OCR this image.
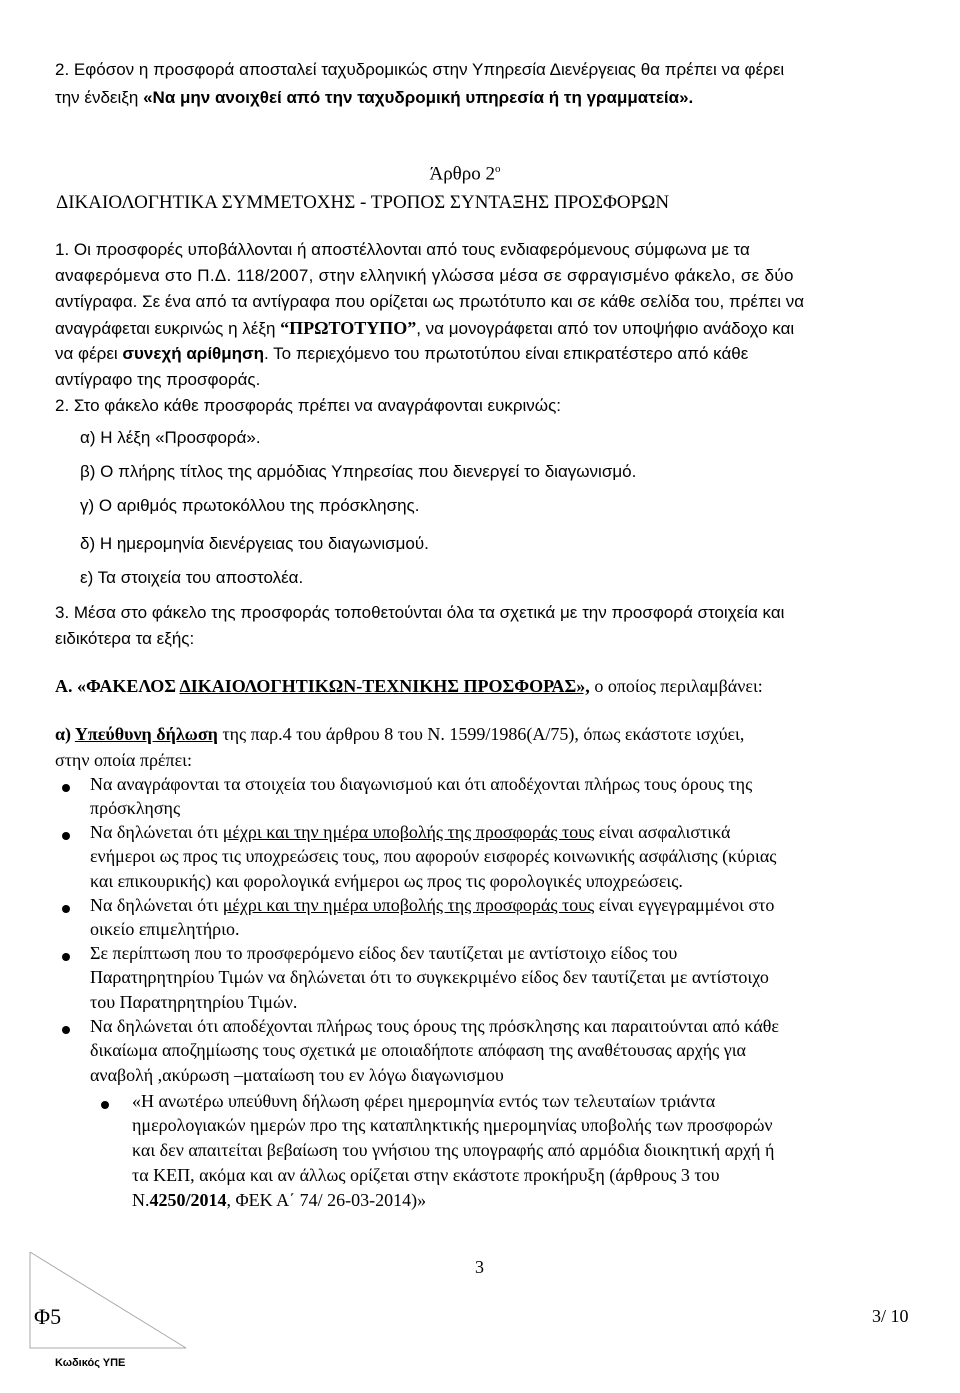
2. Εφόσον η προσφορά αποσταλεί ταχυδρομικώς στην Υπηρεσία Διενέργειας θα πρέπει να φέρει
την ένδειξη «Να μην ανοιχθεί από την ταχυδρομική υπηρεσία ή τη γραμματεία».
Άρθρο $2^o$
ΔΙΚΑΙΟΛΟΓΗΤΙΚΑ ΣΥΜΜΕΤΟΧΗΣ - ΤΡΟΠΟΣ ΣΥΝΤΑΞΗΣ ΠΡΟΣΦΟΡΩΝ
1. Οι προσφορές υποβάλλονται ή αποστέλλονται από τους ενδιαφερόμενους σύμφωνα με τα
αναφερόμενα στο Π.Δ. 118/2007, στην ελληνική γλώσσα μέσα σε σφραγισμένο φάκελο, σε δύο
αντίγραφα. Σε ένα από τα αντίγραφα που ορίζεται ως πρωτότυπο και σε κάθε σελίδα του, πρέπει να
αναγράφεται ευκρινώς η λέξη “ΠΡΩΤΟΤΥΠΟ”, να μονογράφεται από τον υποψήφιο ανάδοχο και
να φέρει συνεχή αρίθμηση. Το περιεχόμενο του πρωτοτύπου είναι επικρατέστερο από κάθε
αντίγραφο της προσφοράς.
2. Στο φάκελο κάθε προσφοράς πρέπει να αναγράφονται ευκρινώς:
α) Η λέξη «Προσφορά».
β) Ο πλήρης τίτλος της αρμόδιας Υπηρεσίας που διενεργεί το διαγωνισμό.
γ) Ο αριθμός πρωτοκόλλου της πρόσκλησης.
δ) Η ημερομηνία διενέργειας του διαγωνισμού.
ε) Τα στοιχεία του αποστολέα.
3. Μέσα στο φάκελο της προσφοράς τοποθετούνται όλα τα σχετικά με την προσφορά στοιχεία και
ειδικότερα τα εξής:
Α. «ΦΑΚΕΛΟΣ ΔΙΚΑΙΟΛΟΓΗΤΙΚΩΝ-ΤΕΧΝΙΚΗΣ ΠΡΟΣΦΟΡΑΣ», ο οποίος περιλαμβάνει:
α) Υπεύθυνη δήλωση της παρ.4 του άρθρου 8 του Ν. 1599/1986(Α/75), όπως εκάστοτε ισχύει,
στην οποία πρέπει:
Να αναγράφονται τα στοιχεία του διαγωνισμού και ότι αποδέχονται πλήρως τους όρους της
πρόσκλησης
Να δηλώνεται ότι μέχρι και την ημέρα υποβολής της προσφοράς τους είναι ασφαλιστικά
ενήμεροι ως προς τις υποχρεώσεις τους, που αφορούν εισφορές κοινωνικής ασφάλισης (κύριας
και επικουρικής) και φορολογικά ενήμεροι ως προς τις φορολογικές υποχρεώσεις.
Να δηλώνεται ότι μέχρι και την ημέρα υποβολής της προσφοράς τους είναι εγγεγραμμένοι στο
οικείο επιμελητήριο.
Σε περίπτωση που το προσφερόμενο είδος δεν ταυτίζεται με αντίστοιχο είδος του
Παρατηρητηρίου Τιμών να δηλώνεται ότι το συγκεκριμένο είδος δεν ταυτίζεται με αντίστοιχο
του Παρατηρητηρίου Τιμών.
Να δηλώνεται ότι αποδέχονται πλήρως τους όρους της πρόσκλησης και παραιτούνται από κάθε
δικαίωμα αποζημίωσης τους σχετικά με οποιαδήποτε απόφαση της αναθέτουσας αρχής για
αναβολή ,ακύρωση –ματαίωση του εν λόγω διαγωνισμου
«Η ανωτέρω υπεύθυνη δήλωση φέρει ημερομηνία εντός των τελευταίων τριάντα
ημερολογιακών ημερών προ της καταπληκτικής ημερομηνίας υποβολής των προσφορών
και δεν απαιτείται βεβαίωση του γνήσιου της υπογραφής από αρμόδια διοικητική αρχή ή
τα ΚΕΠ, ακόμα και αν άλλως ορίζεται στην εκάστοτε προκήρυξη (άρθρους 3 του
Ν.4250/2014, ΦΕΚ Α΄ 74/ 26-03-2014)»
3
Φ5
Κωδικός ΥΠΕ
3/ 10
